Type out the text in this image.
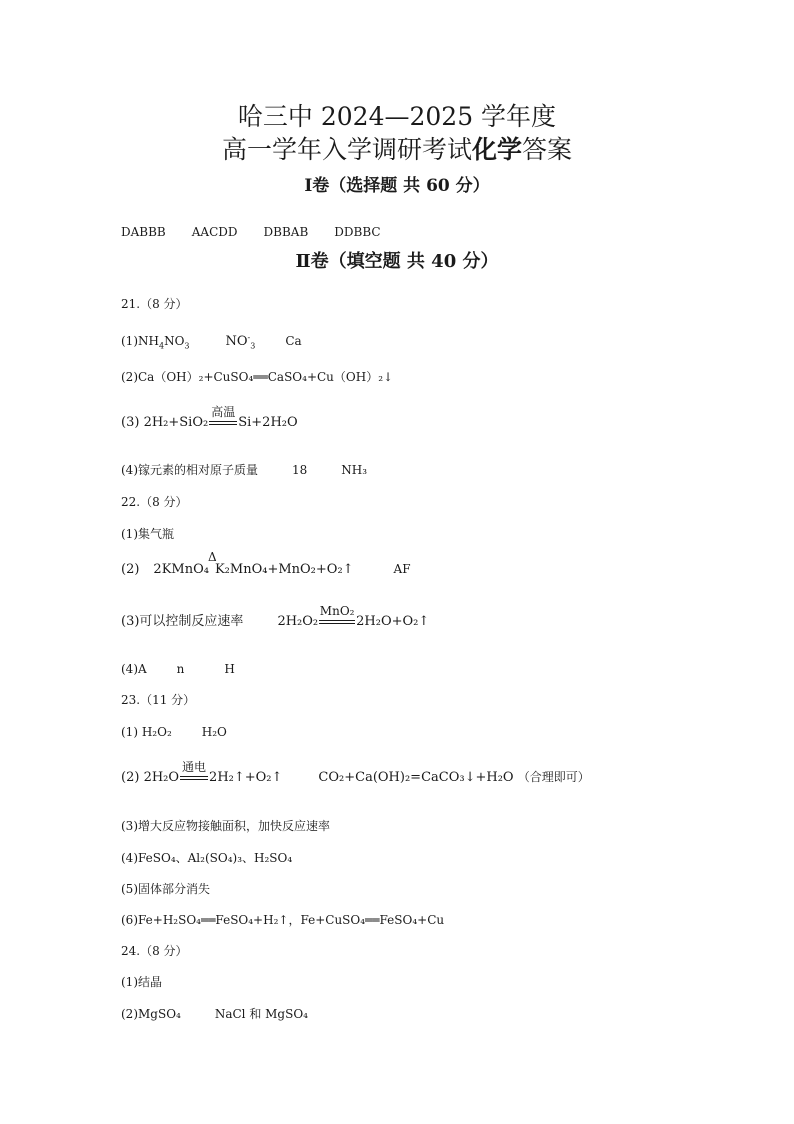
哈三中 2024—2025 学年度
高一学年入学调研考试化学答案
Ⅰ卷（选择题 共 60 分）
DABBB AACDD DBBAB DDBBC
Ⅱ卷（填空题 共 40 分）
21.（8 分）
$(1)NH_4NO_3$	$NO^-_3$	Ca
(2)Ca（OH）₂+CuSO₄══CaSO₄+Cu（OH）₂↓
(3) 2H₂+SiO₂
高温
Si+2H₂O
(4)镓元素的相对原子质量	18	NH₃
22.（8 分）
(1)集气瓶
(2) 2KMnO₄
Δ
K₂MnO₄+MnO₂+O₂↑	AF
(3)可以控制反应速率	2H₂O₂
MnO₂
2H₂O+O₂↑
(4)A	n	H
23.（11 分）
(1) H₂O₂	H₂O
(2) 2H₂O
通电
2H₂↑+O₂↑	CO₂+Ca(OH)₂=CaCO₃↓+H₂O （合理即可）
(3)增大反应物接触面积，加快反应速率
(4)FeSO₄、Al₂(SO₄)₃、H₂SO₄
(5)固体部分消失
(6)Fe+H₂SO₄══FeSO₄+H₂↑，Fe+CuSO₄══FeSO₄+Cu
24.（8 分）
(1)结晶
(2)MgSO₄	NaCl 和 MgSO₄
